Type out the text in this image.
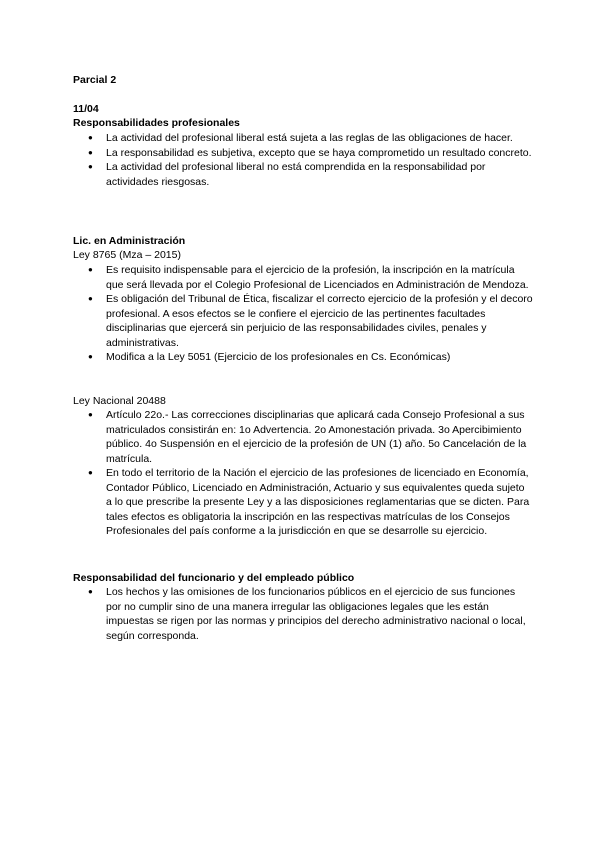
Parcial 2
11/04
Responsabilidades profesionales
● La actividad del profesional liberal está sujeta a las reglas de las obligaciones de hacer.
● La responsabilidad es subjetiva, excepto que se haya comprometido un resultado concreto.
● La actividad del profesional liberal no está comprendida en la responsabilidad por actividades riesgosas.
Lic. en Administración
Ley 8765 (Mza – 2015)
● Es requisito indispensable para el ejercicio de la profesión, la inscripción en la matrícula que será llevada por el Colegio Profesional de Licenciados en Administración de Mendoza.
● Es obligación del Tribunal de Ética, fiscalizar el correcto ejercicio de la profesión y el decoro profesional. A esos efectos se le confiere el ejercicio de las pertinentes facultades disciplinarias que ejercerá sin perjuicio de las responsabilidades civiles, penales y administrativas.
● Modifica a la Ley 5051 (Ejercicio de los profesionales en Cs. Económicas)
Ley Nacional 20488
● Artículo 22o.- Las correcciones disciplinarias que aplicará cada Consejo Profesional a sus matriculados consistirán en: 1o Advertencia. 2o Amonestación privada. 3o Apercibimiento público. 4o Suspensión en el ejercicio de la profesión de UN (1) año. 5o Cancelación de la matrícula.
● En todo el territorio de la Nación el ejercicio de las profesiones de licenciado en Economía, Contador Público, Licenciado en Administración, Actuario y sus equivalentes queda sujeto a lo que prescribe la presente Ley y a las disposiciones reglamentarias que se dicten. Para tales efectos es obligatoria la inscripción en las respectivas matrículas de los Consejos Profesionales del país conforme a la jurisdicción en que se desarrolle su ejercicio.
Responsabilidad del funcionario y del empleado público
● Los hechos y las omisiones de los funcionarios públicos en el ejercicio de sus funciones por no cumplir sino de una manera irregular las obligaciones legales que les están impuestas se rigen por las normas y principios del derecho administrativo nacional o local, según corresponda.
